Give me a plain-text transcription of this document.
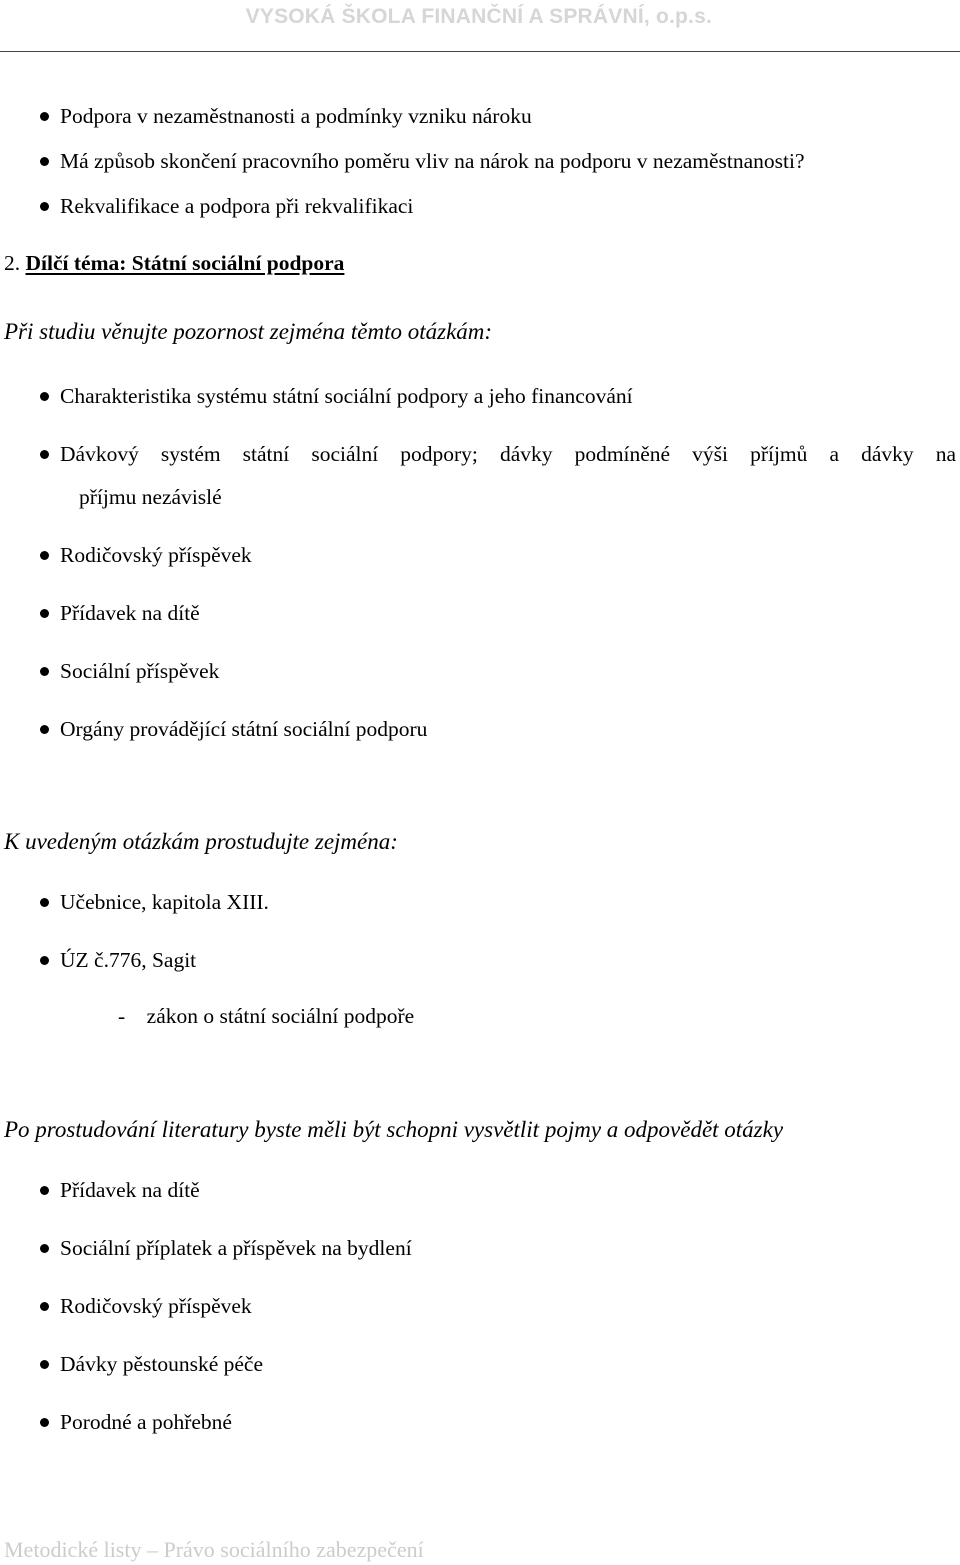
VYSOKÁ ŠKOLA FINANČNÍ A SPRÁVNÍ, o.p.s.
Podpora v nezaměstnanosti a podmínky vzniku nároku
Má způsob skončení pracovního poměru vliv na nárok na podporu v nezaměstnanosti?
Rekvalifikace a podpora při rekvalifikaci
2. Dílčí téma: Státní sociální podpora
Při studiu věnujte pozornost zejména těmto otázkám:
Charakteristika systému státní sociální podpory a jeho financování
Dávkový systém státní sociální podpory; dávky podmíněné výši příjmů a dávky na
příjmu nezávislé
Rodičovský příspěvek
Přídavek na dítě
Sociální příspěvek
Orgány provádějící státní sociální podporu
K uvedeným otázkám prostudujte zejména:
Učebnice, kapitola XIII.
ÚZ č.776, Sagit
-    zákon o státní sociální podpoře
Po prostudování literatury byste měli být schopni vysvětlit pojmy a odpovědět otázky
Přídavek na dítě
Sociální příplatek a příspěvek na bydlení
Rodičovský příspěvek
Dávky pěstounské péče
Porodné a pohřebné
Metodické listy – Právo sociálního zabezpečení
